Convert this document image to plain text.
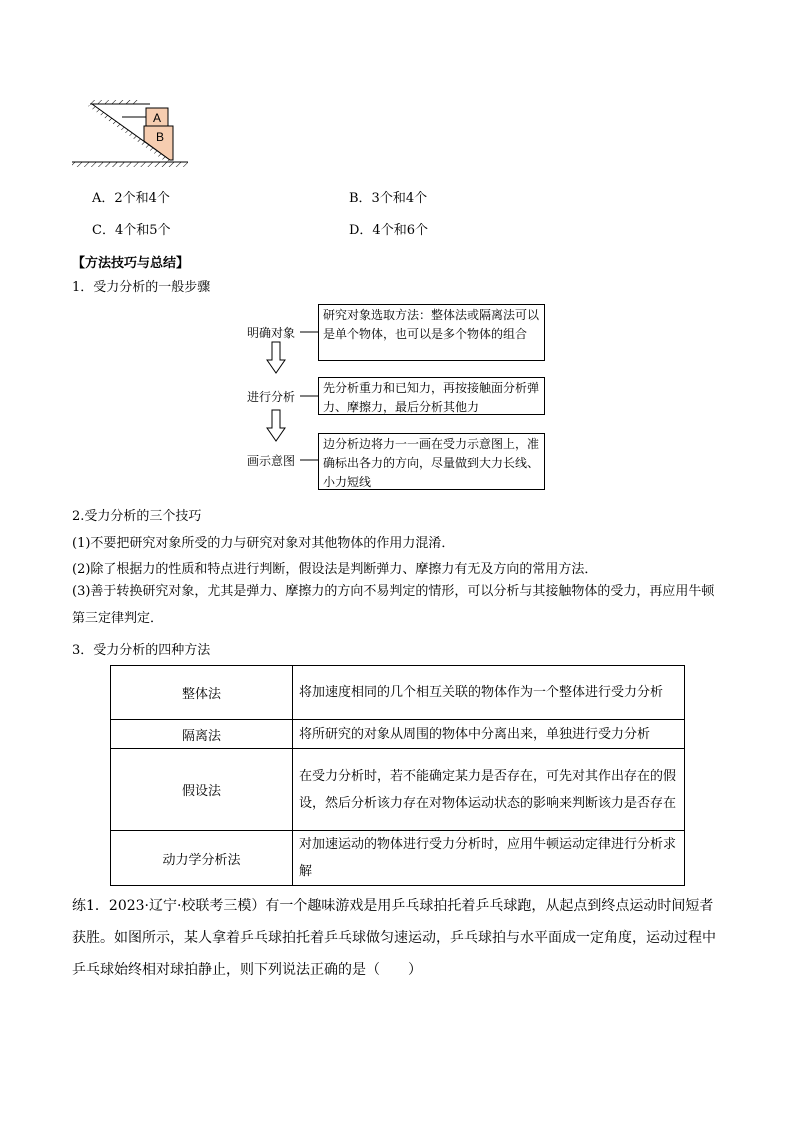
A
B
A．2个和4个	B．3个和4个
C．4个和5个	D．4个和6个
【方法技巧与总结】
1．受力分析的一般步骤
明确对象
研究对象选取方法：整体法或隔离法可以是单个物体，也可以是多个物体的组合
进行分析
先分析重力和已知力，再按接触面分析弹力、摩擦力，最后分析其他力
画示意图
边分析边将力一一画在受力示意图上，准确标出各力的方向，尽量做到大力长线、小力短线
2.受力分析的三个技巧
(1)不要把研究对象所受的力与研究对象对其他物体的作用力混淆．
(2)除了根据力的性质和特点进行判断，假设法是判断弹力、摩擦力有无及方向的常用方法．
(3)善于转换研究对象，尤其是弹力、摩擦力的方向不易判定的情形，可以分析与其接触物体的受力，再应用牛顿第三定律判定．
3．受力分析的四种方法
整体法	将加速度相同的几个相互关联的物体作为一个整体进行受力分析
隔离法	将所研究的对象从周围的物体中分离出来，单独进行受力分析
假设法	在受力分析时，若不能确定某力是否存在，可先对其作出存在的假设，然后分析该力存在对物体运动状态的影响来判断该力是否存在
动力学分析法	对加速运动的物体进行受力分析时，应用牛顿运动定律进行分析求解
练1．2023·辽宁·校联考三模）有一个趣味游戏是用乒乓球拍托着乒乓球跑，从起点到终点运动时间短者获胜。如图所示，某人拿着乒乓球拍托着乒乓球做匀速运动，乒乓球拍与水平面成一定角度，运动过程中乒乓球始终相对球拍静止，则下列说法正确的是（　　）
